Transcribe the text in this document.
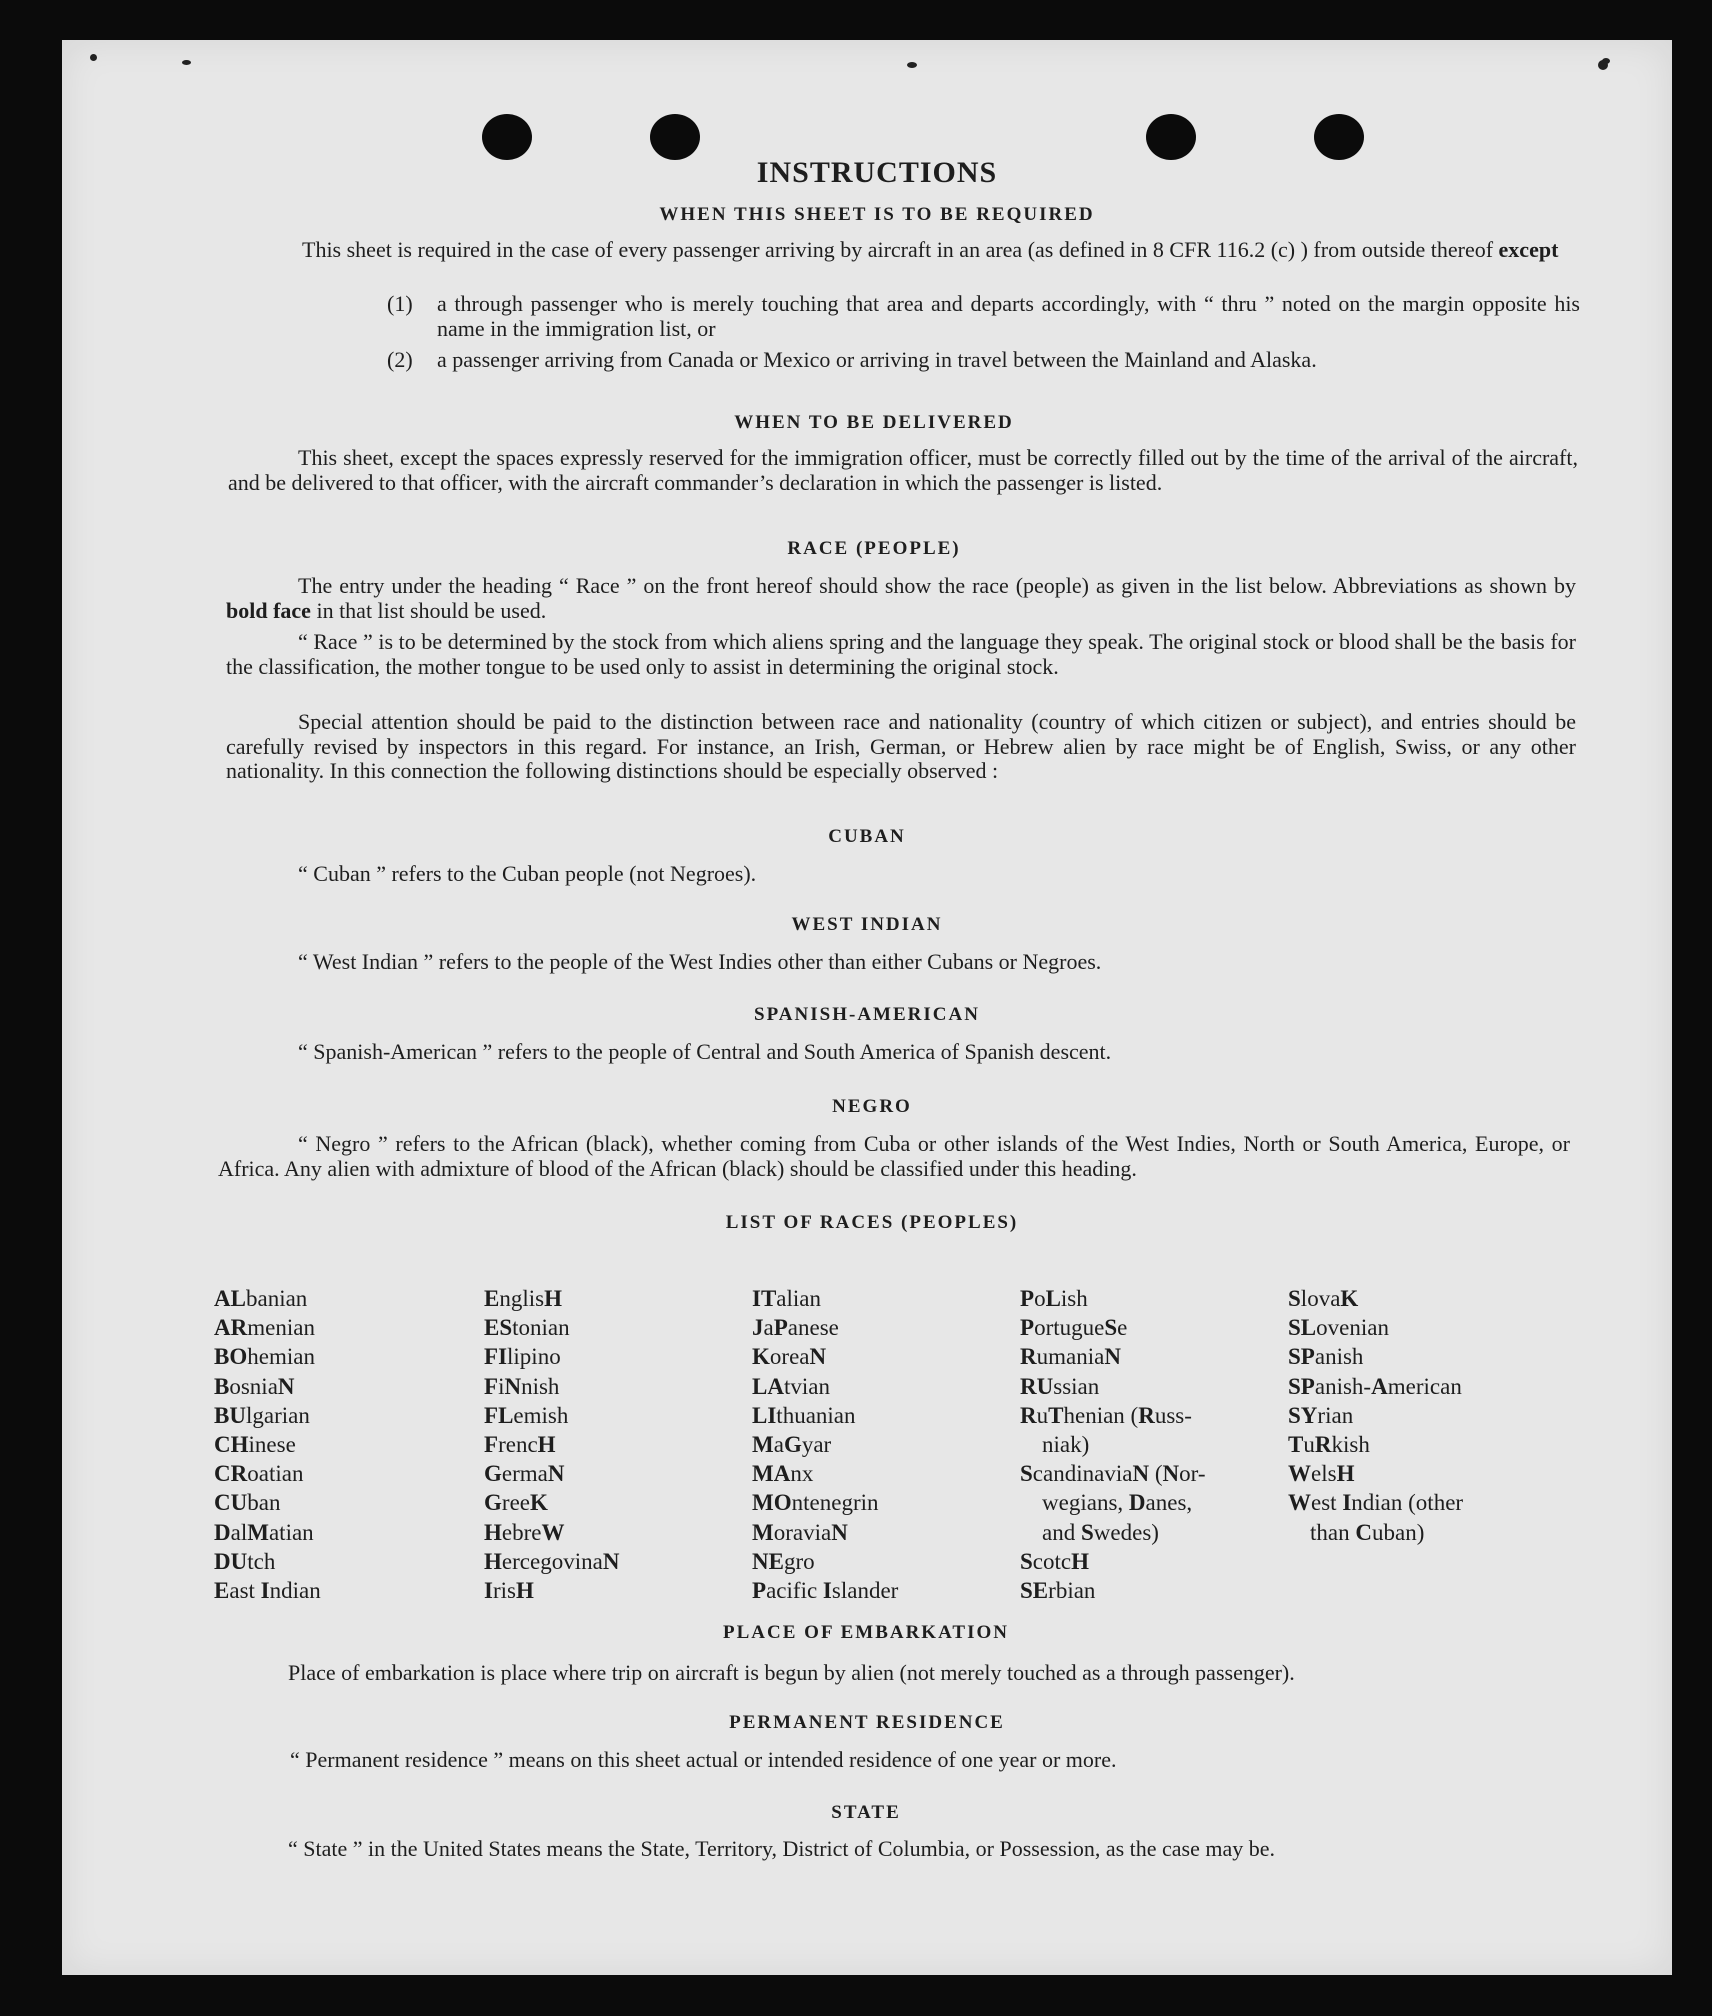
INSTRUCTIONS

WHEN THIS SHEET IS TO BE REQUIRED

This sheet is required in the case of every passenger arriving by aircraft in an area (as defined in 8 CFR 116.2 (c) ) from outside thereof except

(1) a through passenger who is merely touching that area and departs accordingly, with “ thru ” noted on the margin opposite his name in the immigration list, or
(2) a passenger arriving from Canada or Mexico or arriving in travel between the Mainland and Alaska.

WHEN TO BE DELIVERED

This sheet, except the spaces expressly reserved for the immigration officer, must be correctly filled out by the time of the arrival of the aircraft, and be delivered to that officer, with the aircraft commander’s declaration in which the passenger is listed.

RACE (PEOPLE)

The entry under the heading “ Race ” on the front hereof should show the race (people) as given in the list below. Abbreviations as shown by bold face in that list should be used.

“ Race ” is to be determined by the stock from which aliens spring and the language they speak. The original stock or blood shall be the basis for the classification, the mother tongue to be used only to assist in determining the original stock.

Special attention should be paid to the distinction between race and nationality (country of which citizen or subject), and entries should be carefully revised by inspectors in this regard. For instance, an Irish, German, or Hebrew alien by race might be of English, Swiss, or any other nationality. In this connection the following distinctions should be especially observed :

CUBAN

“ Cuban ” refers to the Cuban people (not Negroes).

WEST INDIAN

“ West Indian ” refers to the people of the West Indies other than either Cubans or Negroes.

SPANISH-AMERICAN

“ Spanish-American ” refers to the people of Central and South America of Spanish descent.

NEGRO

“ Negro ” refers to the African (black), whether coming from Cuba or other islands of the West Indies, North or South America, Europe, or Africa. Any alien with admixture of blood of the African (black) should be classified under this heading.

LIST OF RACES (PEOPLES)

ALbanian
ARmenian
BOhemian
BosniaN
BUlgarian
CHinese
CRoatian
CUban
DalMatian
DUtch
East Indian
EnglisH
EStonian
FIlipino
FiNnish
FLemish
FrencH
GermaN
GreeK
HebreW
HercegovinaN
IrisH
ITalian
JaPanese
KoreaN
LAtvian
LIthuanian
MaGyar
MAnx
MOntenegrin
MoraviaN
NEgro
Pacific Islander
PoLish
PortugueSe
RumaniaN
RUssian
RuThenian (Russ-
niak)
ScandinaviaN (Nor-
wegians, Danes,
and Swedes)
ScotcH
SErbian
SlovaK
SLovenian
SPanish
SPanish-American
SYrian
TuRkish
WelsH
West Indian (other
than Cuban)

PLACE OF EMBARKATION

Place of embarkation is place where trip on aircraft is begun by alien (not merely touched as a through passenger).

PERMANENT RESIDENCE

“ Permanent residence ” means on this sheet actual or intended residence of one year or more.

STATE

“ State ” in the United States means the State, Territory, District of Columbia, or Possession, as the case may be.
